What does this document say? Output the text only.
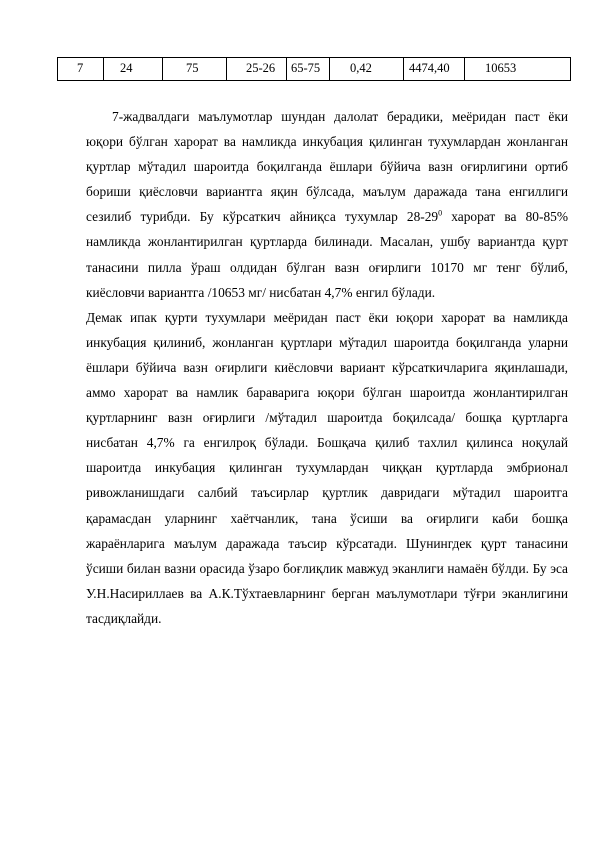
7	24	75	25-26	65-75	0,42	4474,40	10653

7-жадвалдаги маълумотлар шундан далолат берадики, меёридан паст ёки юқори бўлган харорат ва намликда инкубация қилинган тухумлардан жонланган қуртлар мўтадил шароитда боқилганда ёшлари бўйича вазн оғирлигини ортиб бориши қиёсловчи вариантга яқин бўлсада, маълум даражада тана енгиллиги сезилиб турибди. Бу кўрсаткич айниқса тухумлар $28-29^0$ харорат ва 80-85% намликда жонлантирилган қуртларда билинади. Масалан, ушбу вариантда қурт танасини пилла ўраш олдидан бўлган вазн оғирлиги 10170 мг тенг бўлиб, киёсловчи вариантга /10653 мг/ нисбатан 4,7% енгил бўлади.

Демак ипак қурти тухумлари меёридан паст ёки юқори харорат ва намликда инкубация қилиниб, жонланган қуртлари мўтадил шароитда боқилганда уларни ёшлари бўйича вазн оғирлиги киёсловчи вариант кўрсаткичларига яқинлашади, аммо харорат ва намлик бараварига юқори бўлган шароитда жонлантирилган қуртларнинг вазн оғирлиги /мўтадил шароитда боқилсада/ бошқа қуртларга нисбатан 4,7% га енгилроқ бўлади. Бошқача қилиб тахлил қилинса ноқулай шароитда инкубация қилинган тухумлардан чиққан қуртларда эмбрионал ривожланишдаги салбий таъсирлар қуртлик давридаги мўтадил шароитга қарамасдан уларнинг хаётчанлик, тана ўсиши ва оғирлиги каби бошқа жараёнларига маълум даражада таъсир кўрсатади. Шунингдек қурт танасини ўсиши билан вазни орасида ўзаро боғлиқлик мавжуд эканлиги намаён бўлди. Бу эса У.Н.Насириллаев ва А.К.Тўхтаевларнинг берган маълумотлари тўғри эканлигини тасдиқлайди.
